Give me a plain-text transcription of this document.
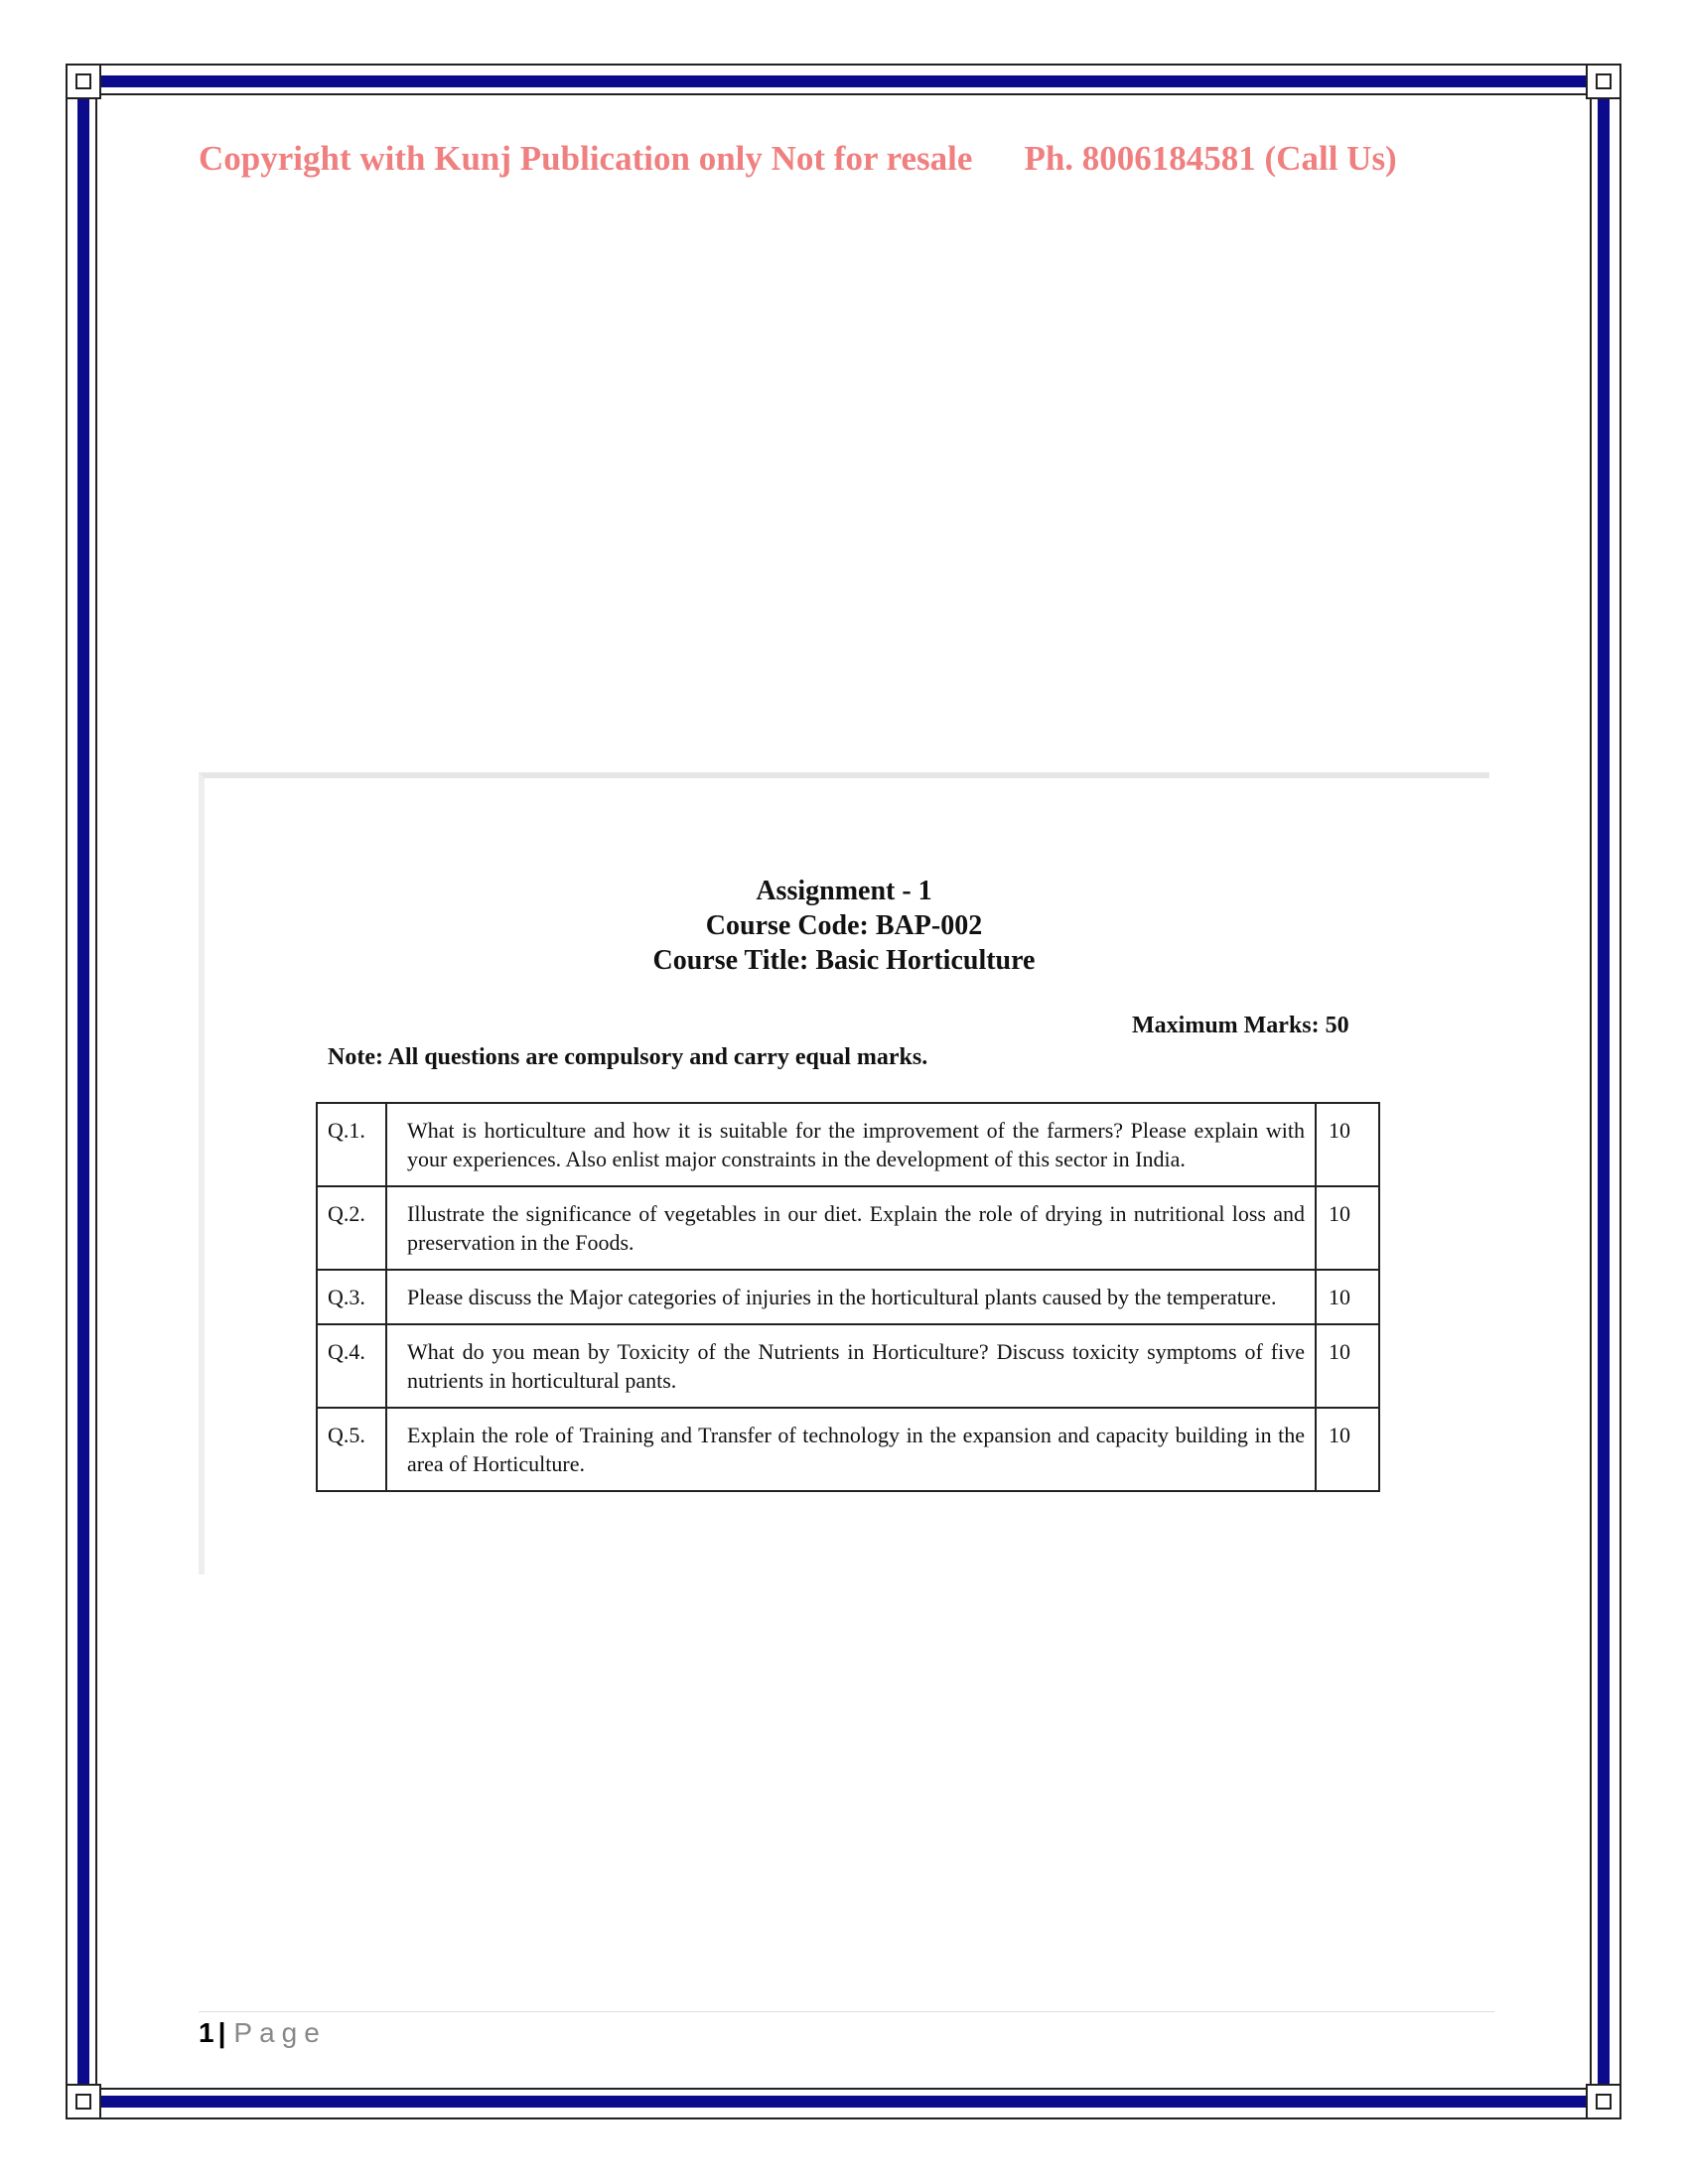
Copyright with Kunj Publication only Not for resale Ph. 8006184581 (Call Us)
Assignment - 1
Course Code: BAP-002
Course Title: Basic Horticulture
Maximum Marks: 50
Note: All questions are compulsory and carry equal marks.
Q.1.	What is horticulture and how it is suitable for the improvement of the farmers? Please explain with your experiences. Also enlist major constraints in the development of this sector in India.	10
Q.2.	Illustrate the significance of vegetables in our diet. Explain the role of drying in nutritional loss and preservation in the Foods.	10
Q.3.	Please discuss the Major categories of injuries in the horticultural plants caused by the temperature.	10
Q.4.	What do you mean by Toxicity of the Nutrients in Horticulture? Discuss toxicity symptoms of five nutrients in horticultural pants.	10
Q.5.	Explain the role of Training and Transfer of technology in the expansion and capacity building in the area of Horticulture.	10
1 | Page
